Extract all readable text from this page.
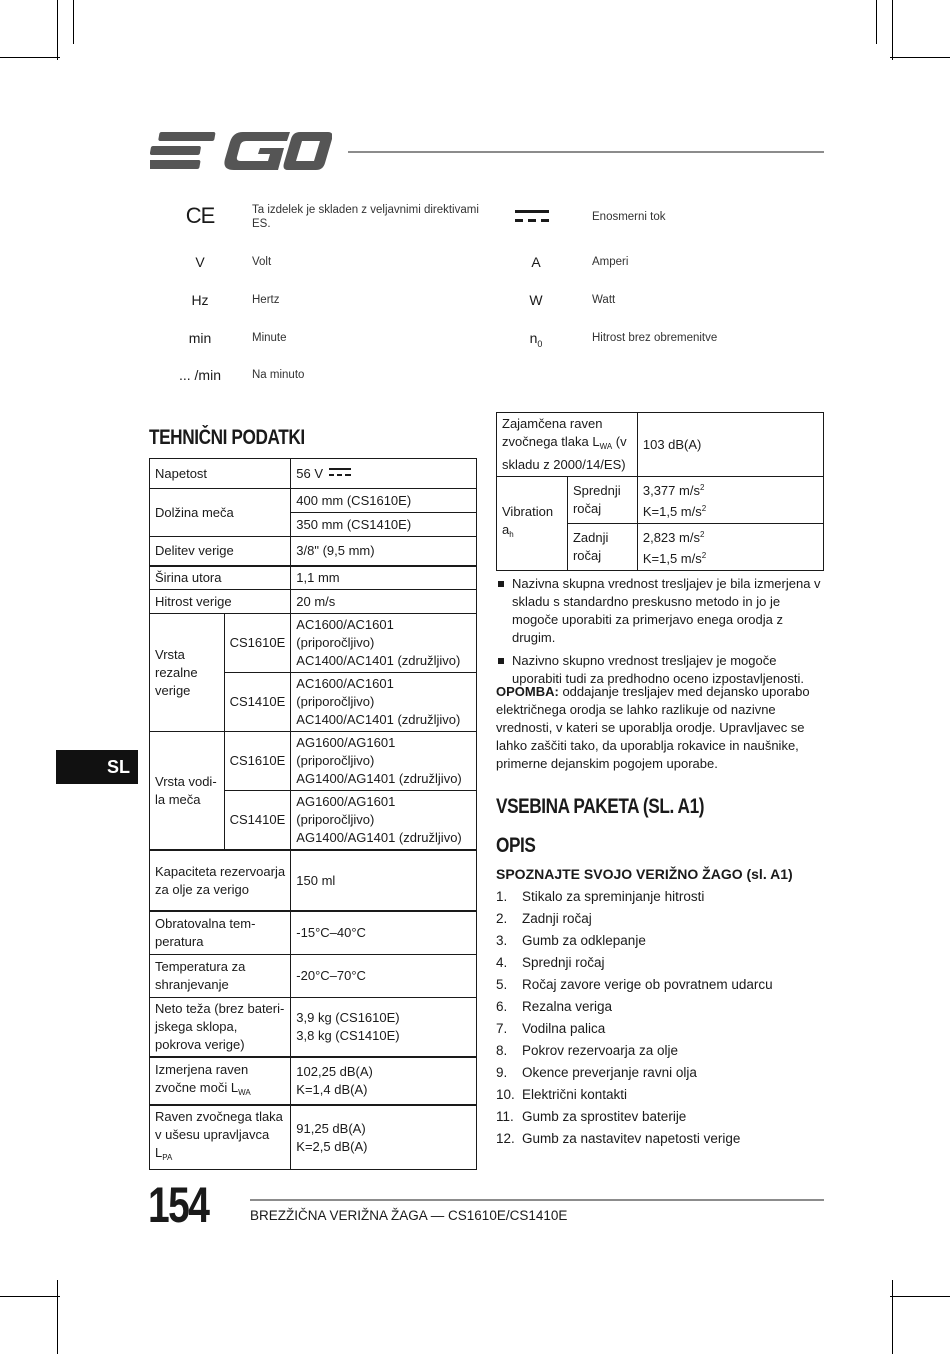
C​E	Ta izdelek je skladen z veljavnimi direktivami ES.
V	Volt
Hz	Hertz
min	Minute
... /min	Na minuto
Enosmerni tok
A	Amperi
W	Watt
$n_0$	Hitrost brez obremenitve
TEHNIČNI PODATKI
Napetost		56 V

Dolžina meča		400 mm (CS1610E)
		350 mm (CS1410E)
Delitev verige		3/8" (9,5 mm)
Širina utora		1,1 mm
Hitrost verige		20 m/s
Vrsta rezalne verige	CS1610E	AC1600/AC1601 (priporočljivo) AC1400/AC1401 (združljivo)
	CS1410E	AC1600/AC1601 (priporočljivo) AC1400/AC1401 (združljivo)
Vrsta vodi-la meča	CS1610E	AG1600/AG1601 (priporočljivo) AG1400/AG1401 (združljivo)
	CS1410E	AG1600/AG1601 (priporočljivo) AG1400/AG1401 (združljivo)
Kapaciteta rezervoarja za olje za verigo		150 ml
Obratovalna tem-peratura		-15°C–40°C
Temperatura za shranjevanje		-20°C–70°C
Neto teža (brez bateri-jskega sklopa, pokrova verige)		3,9 kg (CS1610E)
3,8 kg (CS1410E)
Izmerjena raven zvočne moči $L_{WA}$		102,25 dB(A)
K=1,4 dB(A)
Raven zvočnega tlaka v ušesu upravljavca $L_{PA}$		91,25 dB(A)
K=2,5 dB(A)
SL
Zajamčena raven zvočnega tlaka $L_{WA}$ (v skladu z 2000/14/ES)		103 dB(A)
Vibration $a_h$	Sprednji ročaj	3,377 $m/s^2$
K=1,5 $m/s^2$
	Zadnji ročaj	2,823 $m/s^2$
K=1,5 $m/s^2$
Nazivna skupna vrednost tresljajev je bila izmerjena v skladu s standardno preskusno metodo in jo je mogoče uporabiti za primerjavo enega orodja z drugim.
Nazivno skupno vrednost tresljajev je mogoče uporabiti tudi za predhodno oceno izpostavljenosti.
OPOMBA: oddajanje tresljajev med dejansko uporabo električnega orodja se lahko razlikuje od nazivne vrednosti, v kateri se uporablja orodje. Upravljavec se lahko zaščiti tako, da uporablja rokavice in naušnike, primerne dejanskim pogojem uporabe.
VSEBINA PAKETA (SL. A1)
OPIS
SPOZNAJTE SVOJO VERIŽNO ŽAGO (sl. A1)
1.	Stikalo za spreminjanje hitrosti
2.	Zadnji ročaj
3.	Gumb za odklepanje
4.	Sprednji ročaj
5.	Ročaj zavore verige ob povratnem udarcu
6.	Rezalna veriga
7.	Vodilna palica
8.	Pokrov rezervoarja za olje
9.	Okence preverjanje ravni olja
10. Električni kontakti
11. Gumb za sprostitev baterije
12. Gumb za nastavitev napetosti verige
154	BREZŽIČNA VERIŽNA ŽAGA — CS1610E/CS1410E
